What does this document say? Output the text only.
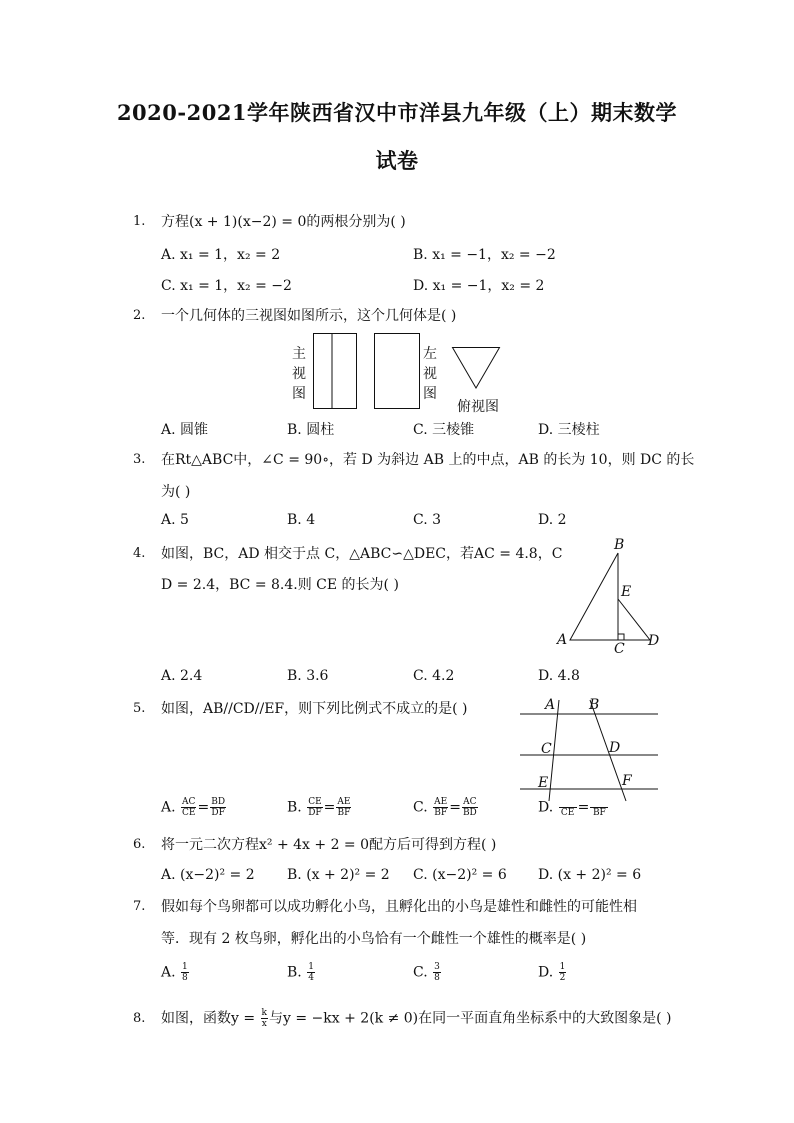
2020-2021学年陕西省汉中市洋县九年级（上）期末数学
试卷
1. 方程(x + 1)(x−2) = 0的两根分别为( )
A. x₁ = 1，x₂ = 2	B. x₁ = −1，x₂ = −2
C. x₁ = 1，x₂ = −2	D. x₁ = −1，x₂ = 2
2. 一个几何体的三视图如图所示，这个几何体是( )
主视图
左视图
俯视图
A. 圆锥	B. 圆柱	C. 三棱锥	D. 三棱柱
3. 在Rt△ABC中，∠C = 90∘，若 D 为斜边 AB 上的中点，AB 的长为 10，则 DC 的长
为( )
A. 5	B. 4	C. 3	D. 2
4. 如图，BC，AD 相交于点 C，△ABC∽△DEC，若AC = 4.8，C
D = 2.4，BC = 8.4.则 CE 的长为( )
B
E
A
C D
A. 2.4	B. 3.6	C. 4.2	D. 4.8
5. 如图，AB//CD//EF，则下列比例式不成立的是( )	A B
C	D
E	F
A. $\frac{AC}{CE} = \frac{BD}{DF}$	B. $\frac{CE}{DF} = \frac{AE}{BF}$	C. $\frac{AE}{BF} = \frac{AC}{BD}$	D. CE = BF
6. 将一元二次方程x² + 4x + 2 = 0配方后可得到方程( )
A. (x−2)² = 2 B. (x + 2)² = 2 C. (x−2)² = 6 D. (x + 2)² = 6
7. 假如每个鸟卵都可以成功孵化小鸟，且孵化出的小鸟是雄性和雌性的可能性相
等．现有 2 枚鸟卵，孵化出的小鸟恰有一个雌性一个雄性的概率是( )
A. $\frac{1}{8}$	B. $\frac{1}{4}$	C. $\frac{3}{8}$	D. $\frac{1}{2}$
8. 如图，函数$y = \frac{k}{x}$ 与y = −kx + 2(k ≠ 0)在同一平面直角坐标系中的大致图象是( )
